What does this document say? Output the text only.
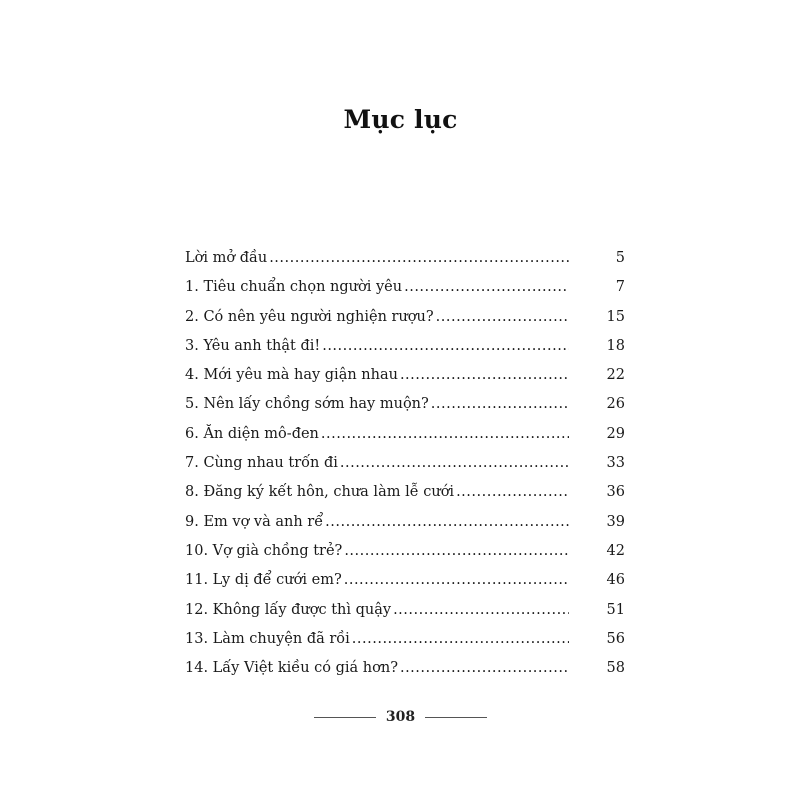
Mục lục
Lời mở đầu .....	5
1. Tiêu chuẩn chọn người yêu .....	7
2. Có nên yêu người nghiện rượu? .....	15
3. Yêu anh thật đi! .....	18
4. Mới yêu mà hay giận nhau .....	22
5. Nên lấy chồng sớm hay muộn? .....	26
6. Ăn diện mô-đen .....	29
7. Cùng nhau trốn đi .....	33
8. Đăng ký kết hôn, chưa làm lễ cưới .....	36
9. Em vợ và anh rể .....	39
10. Vợ già chồng trẻ? .....	42
11. Ly dị để cưới em? .....	46
12. Không lấy được thì quậy .....	51
13. Làm chuyện đã rồi .....	56
14. Lấy Việt kiều có giá hơn? .....	58
308
